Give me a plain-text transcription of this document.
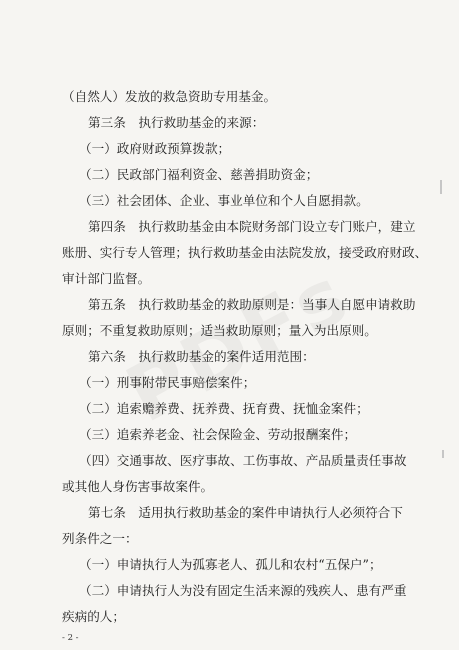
（自然人）发放的救急资助专用基金。
第三条　执行救助基金的来源：
（一）政府财政预算拨款；
（二）民政部门福利资金、慈善捐助资金；
（三）社会团体、企业、事业单位和个人自愿捐款。
第四条　执行救助基金由本院财务部门设立专门账户，建立
账册、实行专人管理；执行救助基金由法院发放，接受政府财政、
审计部门监督。
第五条　执行救助基金的救助原则是：当事人自愿申请救助
原则；不重复救助原则；适当救助原则；量入为出原则。
第六条　执行救助基金的案件适用范围：
（一）刑事附带民事赔偿案件；
（二）追索赡养费、抚养费、抚育费、抚恤金案件；
（三）追索养老金、社会保险金、劳动报酬案件；
（四）交通事故、医疗事故、工伤事故、产品质量责任事故
或其他人身伤害事故案件。
第七条　适用执行救助基金的案件申请执行人必须符合下
列条件之一：
（一）申请执行人为孤寡老人、孤儿和农村“五保户”；
（二）申请执行人为没有固定生活来源的残疾人、患有严重
疾病的人；
- 2 -
